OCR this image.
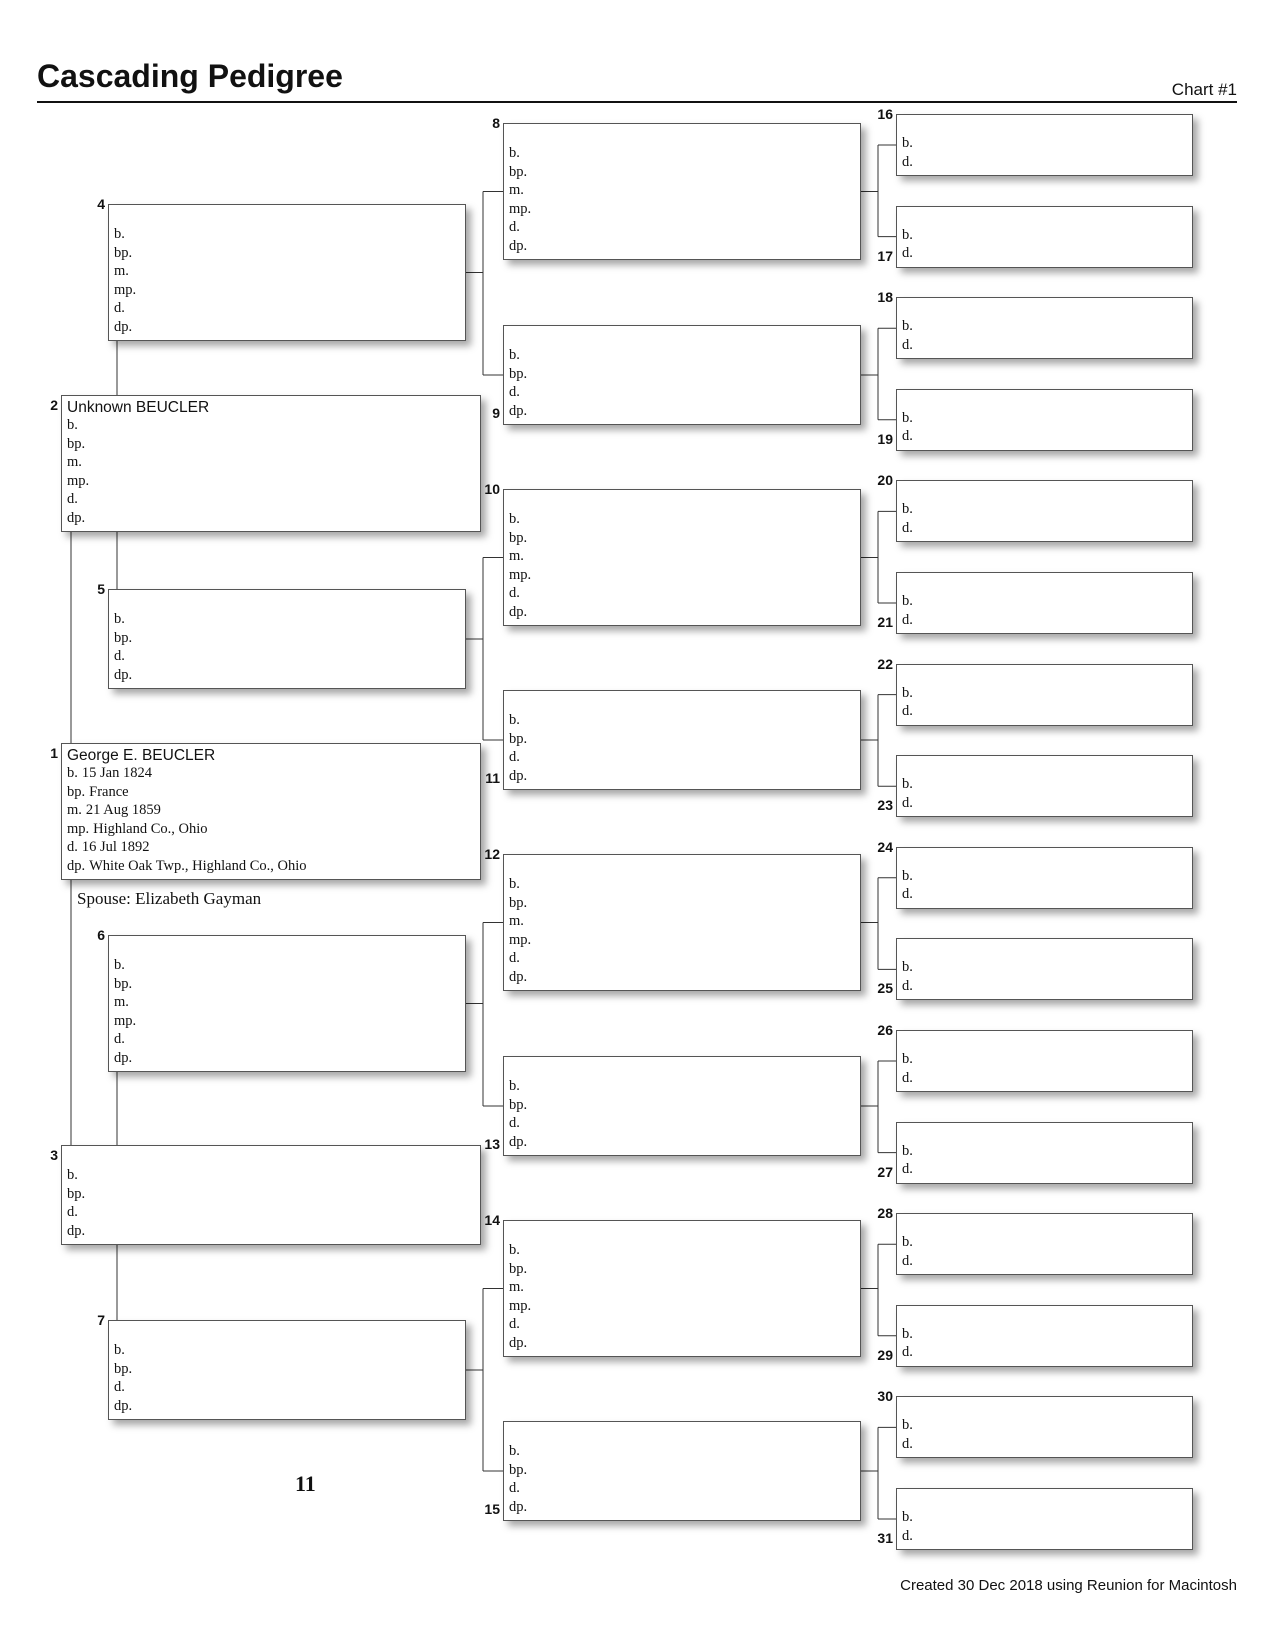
Cascading Pedigree	Chart #1
George E. BEUCLER
b. 15 Jan 1824
bp. France
m. 21 Aug 1859
mp. Highland Co., Ohio
d. 16 Jul 1892
dp. White Oak Twp., Highland Co., Ohio
1
Unknown BEUCLER
b.
bp.
m.
mp.
d.
dp.
2
b.
bp.
d.
dp.
3
b.
bp.
m.
mp.
d.
dp.
4
b.
bp.
d.
dp.
5
b.
bp.
m.
mp.
d.
dp.
6
b.
bp.
d.
dp.
7
b.
bp.
m.
mp.
d.
dp.
8
b.
bp.
d.
dp.
9
b.
bp.
m.
mp.
d.
dp.
10
b.
bp.
d.
dp.
11
b.
bp.
m.
mp.
d.
dp.
12
b.
bp.
d.
dp.
13
b.
bp.
m.
mp.
d.
dp.
14
b.
bp.
d.
dp.
15
b.
d.
16
b.
d.
17
b.
d.
18
b.
d.
19
b.
d.
20
b.
d.
21
b.
d.
22
b.
d.
23
b.
d.
24
b.
d.
25
b.
d.
26
b.
d.
27
b.
d.
28
b.
d.
29
b.
d.
30
b.
d.
31
Spouse: Elizabeth Gayman
11
Created 30 Dec 2018 using Reunion for Macintosh
